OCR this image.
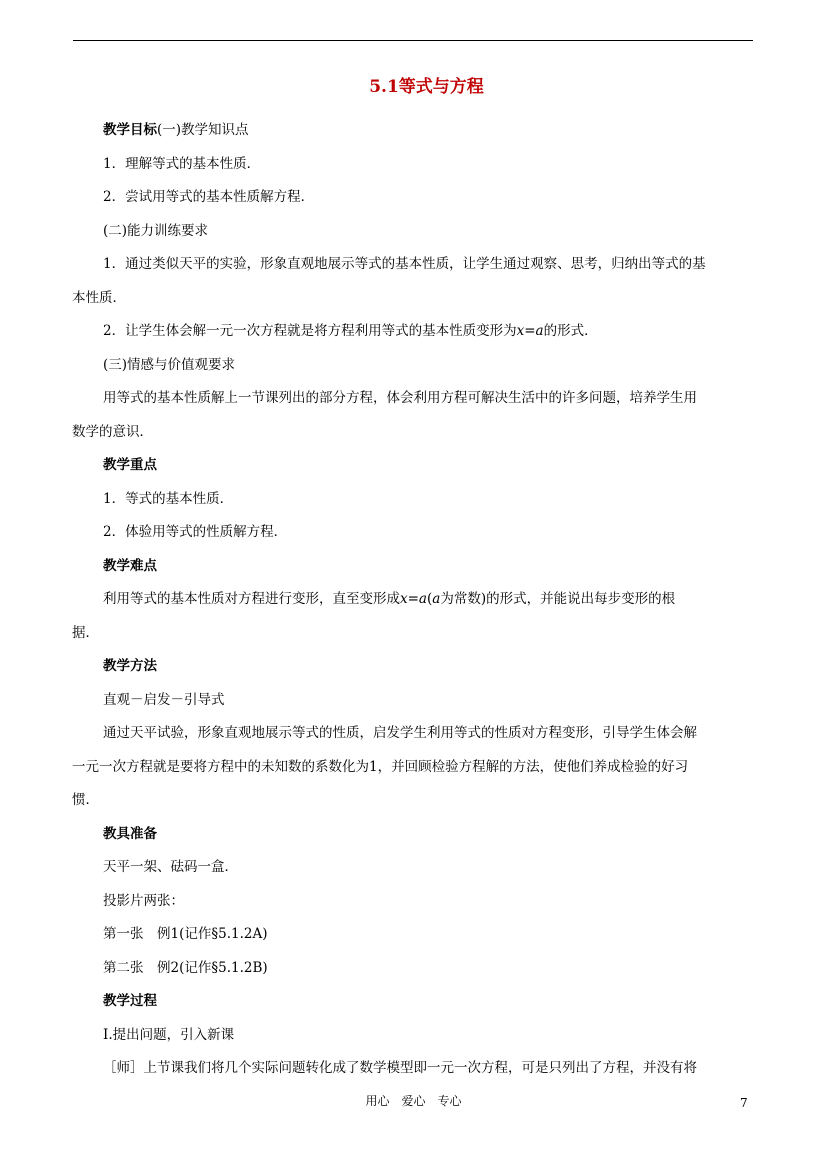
5.1等式与方程
教学目标(一)教学知识点
1．理解等式的基本性质．
2．尝试用等式的基本性质解方程．
(二)能力训练要求
1．通过类似天平的实验，形象直观地展示等式的基本性质，让学生通过观察、思考，归纳出等式的基
本性质．
2．让学生体会解一元一次方程就是将方程利用等式的基本性质变形为x=a的形式．
(三)情感与价值观要求
用等式的基本性质解上一节课列出的部分方程，体会利用方程可解决生活中的许多问题，培养学生用
数学的意识．
教学重点
1．等式的基本性质．
2．体验用等式的性质解方程．
教学难点
利用等式的基本性质对方程进行变形，直至变形成x=a(a为常数)的形式，并能说出每步变形的根
据．
教学方法
直观－启发－引导式
通过天平试验，形象直观地展示等式的性质，启发学生利用等式的性质对方程变形，引导学生体会解
一元一次方程就是要将方程中的未知数的系数化为1，并回顾检验方程解的方法，使他们养成检验的好习
惯．
教具准备
天平一架、砝码一盒．
投影片两张：
第一张　例1(记作§5.1.2A)
第二张　例2(记作§5.1.2B)
教学过程
Ⅰ.提出问题，引入新课
［师］上节课我们将几个实际问题转化成了数学模型即一元一次方程，可是只列出了方程，并没有将
用心　爱心　专心	7
